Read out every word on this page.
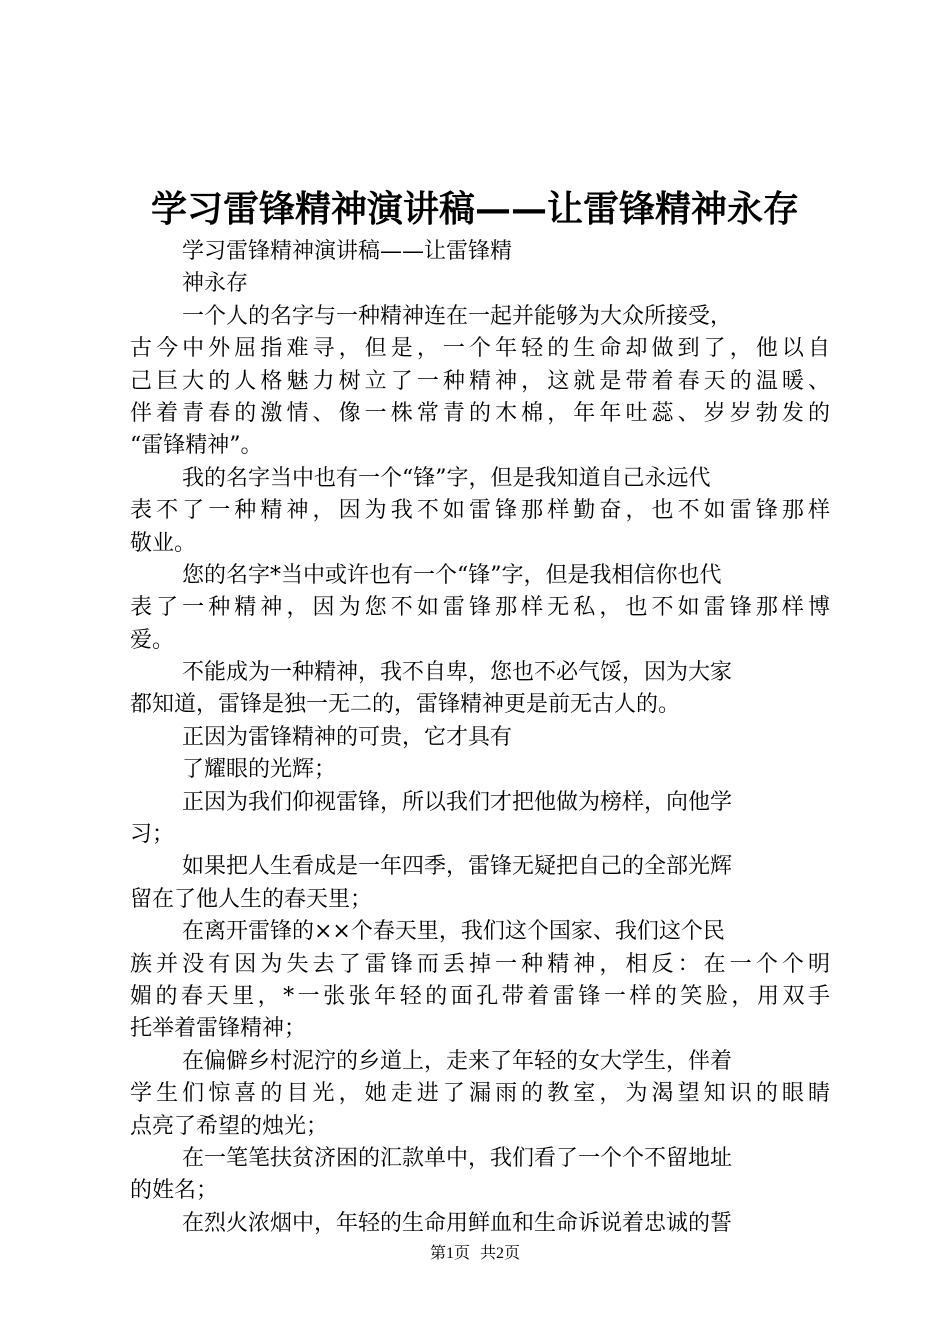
学习雷锋精神演讲稿——让雷锋精神永存
学习雷锋精神演讲稿——让雷锋精
神永存
一个人的名字与一种精神连在一起并能够为大众所接受，
古今中外屈指难寻，但是，一个年轻的生命却做到了，他以自
己巨大的人格魅力树立了一种精神，这就是带着春天的温暖、
伴着青春的激情、像一株常青的木棉，年年吐蕊、岁岁勃发的
“雷锋精神”。
我的名字当中也有一个“锋”字，但是我知道自己永远代
表不了一种精神，因为我不如雷锋那样勤奋，也不如雷锋那样
敬业。
您的名字*当中或许也有一个“锋”字，但是我相信你也代
表了一种精神，因为您不如雷锋那样无私，也不如雷锋那样博
爱。
不能成为一种精神，我不自卑，您也不必气馁，因为大家
都知道，雷锋是独一无二的，雷锋精神更是前无古人的。
正因为雷锋精神的可贵，它才具有
了耀眼的光辉；
正因为我们仰视雷锋，所以我们才把他做为榜样，向他学
习；
如果把人生看成是一年四季，雷锋无疑把自己的全部光辉
留在了他人生的春天里；
在离开雷锋的××个春天里，我们这个国家、我们这个民
族并没有因为失去了雷锋而丢掉一种精神，相反：在一个个明
媚的春天里，*一张张年轻的面孔带着雷锋一样的笑脸，用双手
托举着雷锋精神；
在偏僻乡村泥泞的乡道上，走来了年轻的女大学生，伴着
学生们惊喜的目光，她走进了漏雨的教室，为渴望知识的眼睛
点亮了希望的烛光；
在一笔笔扶贫济困的汇款单中，我们看了一个个不留地址
的姓名；
在烈火浓烟中，年轻的生命用鲜血和生命诉说着忠诚的誓
第1页 共2页
